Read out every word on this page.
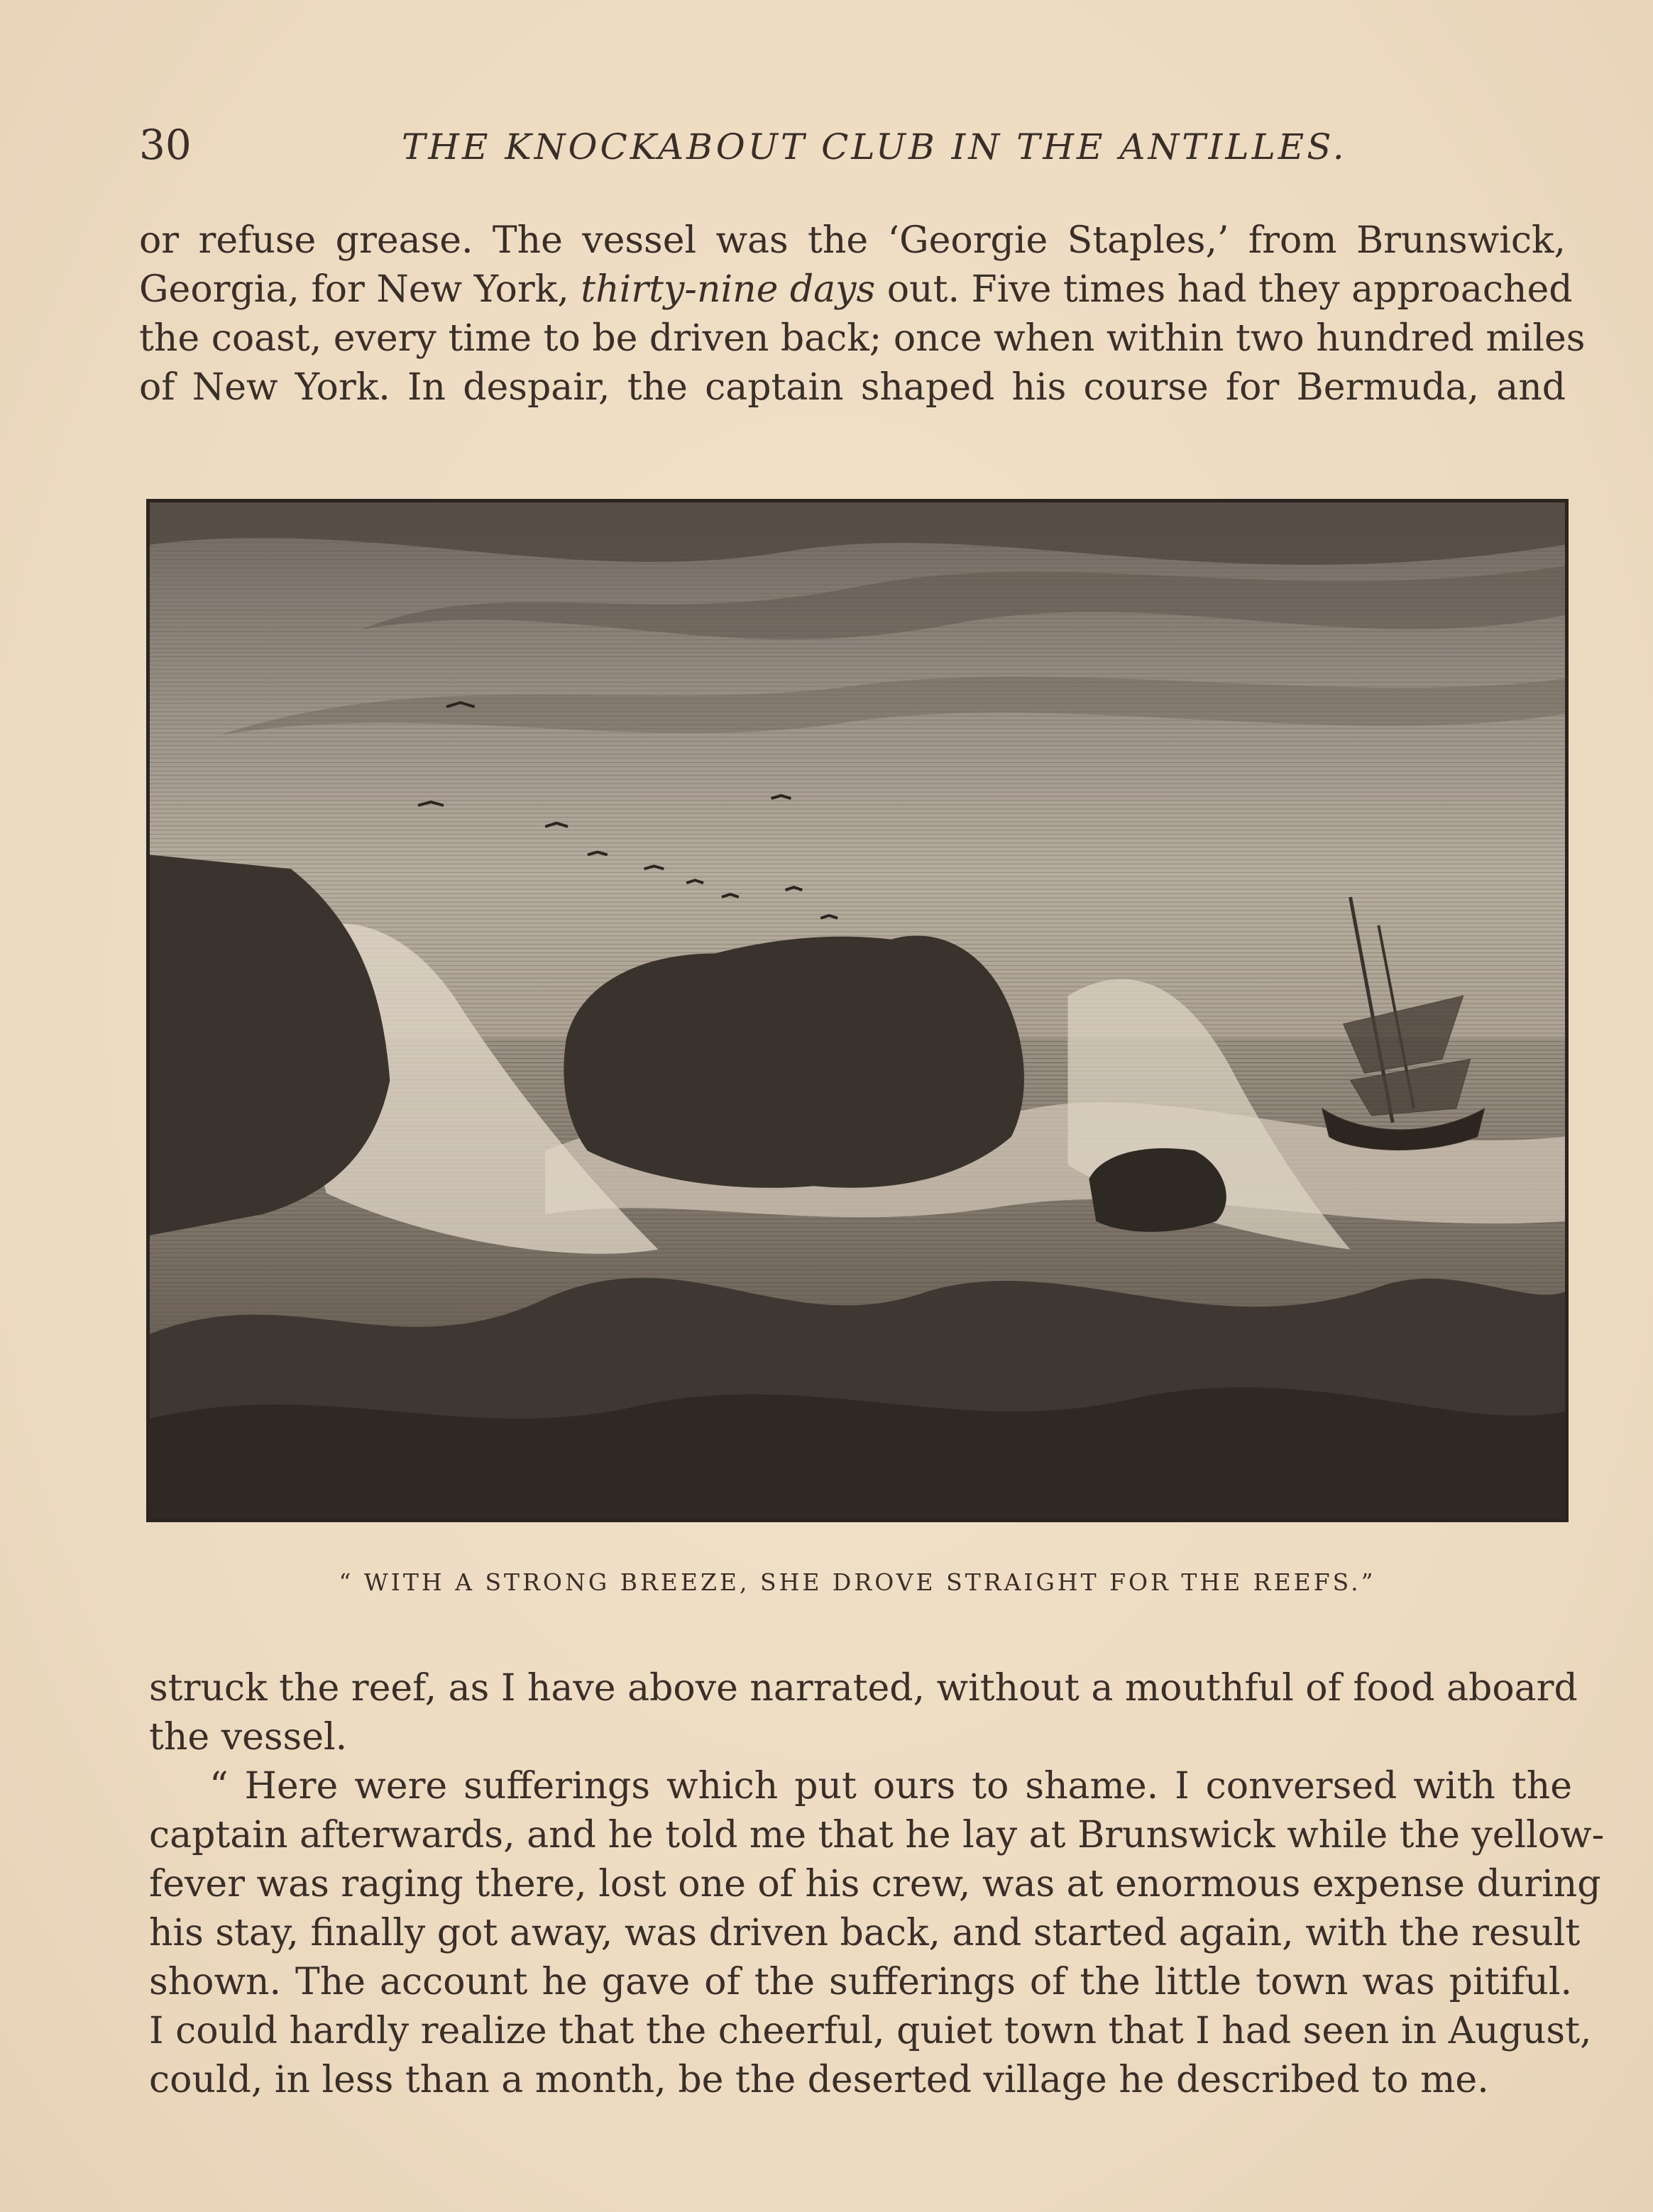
30	THE KNOCKABOUT CLUB IN THE ANTILLES.
or refuse grease. The vessel was the ‘Georgie Staples,’ from Brunswick,
Georgia, for New York, thirty-nine days out. Five times had they approached
the coast, every time to be driven back; once when within two hundred miles
of New York. In despair, the captain shaped his course for Bermuda, and
“ WITH A STRONG BREEZE, SHE DROVE STRAIGHT FOR THE REEFS.”
struck the reef, as I have above narrated, without a mouthful of food aboard
the vessel.
“ Here were sufferings which put ours to shame. I conversed with the
captain afterwards, and he told me that he lay at Brunswick while the yellow-
fever was raging there, lost one of his crew, was at enormous expense during
his stay, finally got away, was driven back, and started again, with the result
shown. The account he gave of the sufferings of the little town was pitiful.
I could hardly realize that the cheerful, quiet town that I had seen in August,
could, in less than a month, be the deserted village he described to me.
